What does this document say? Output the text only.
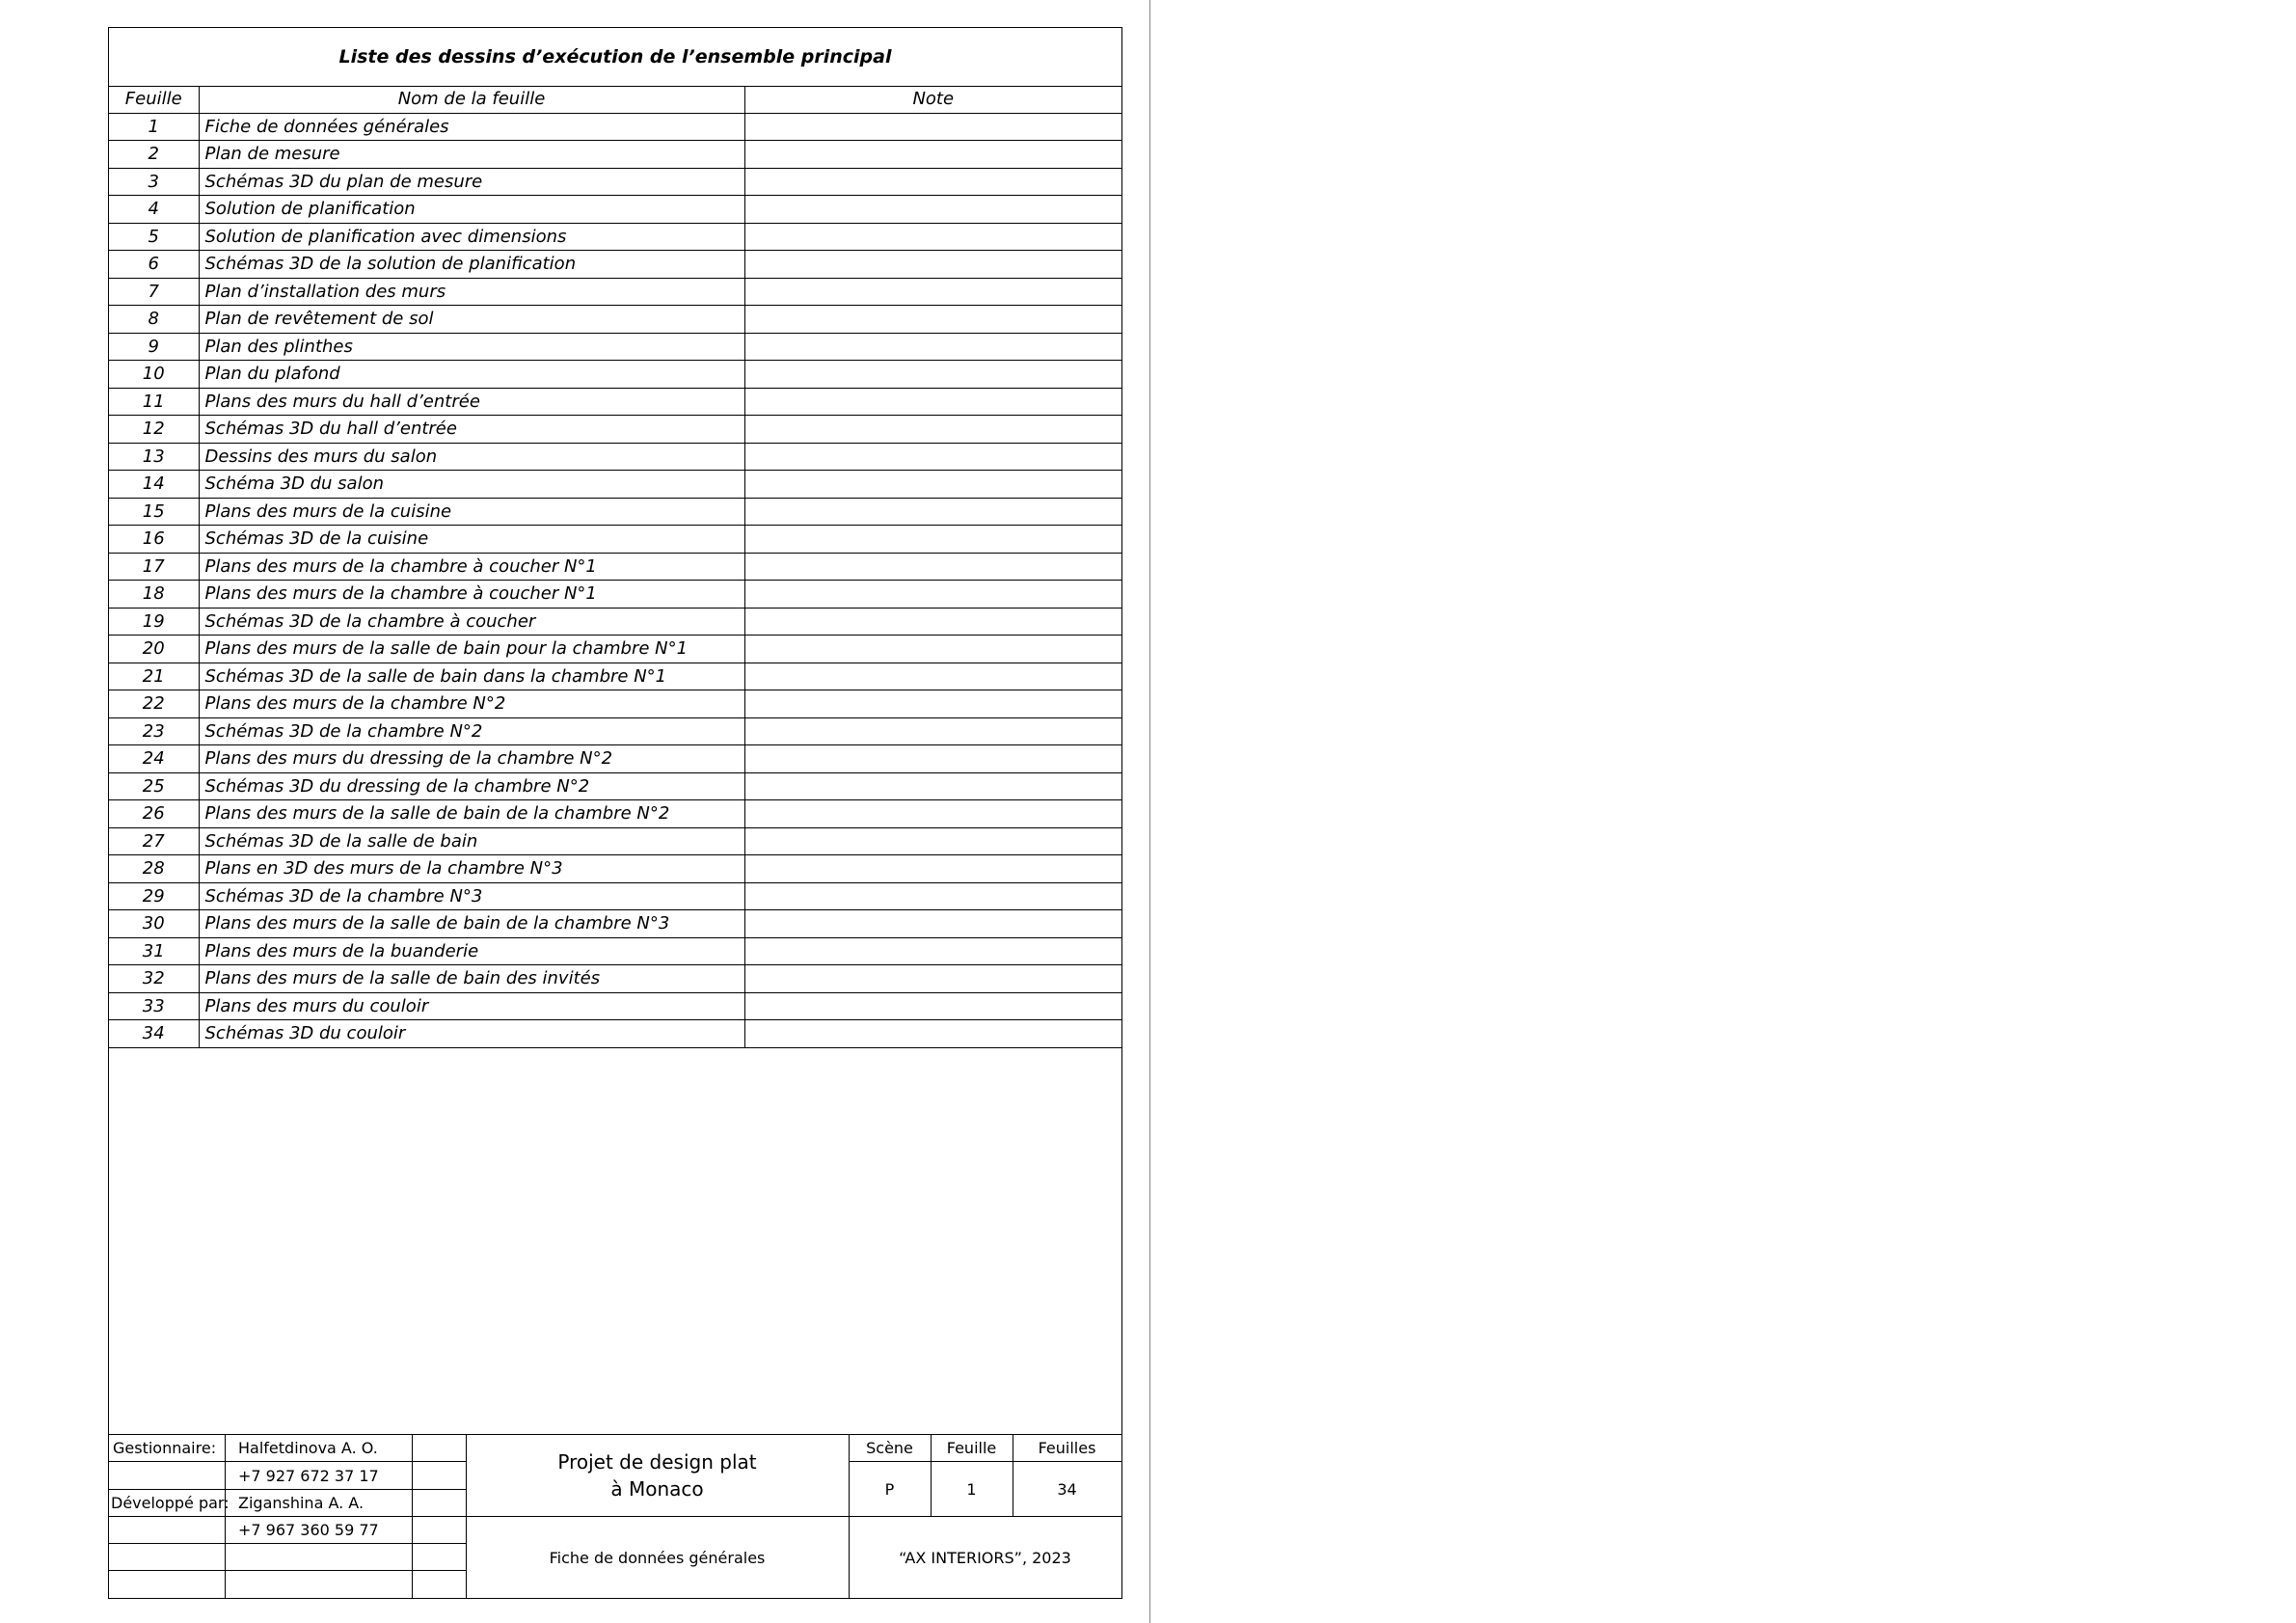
Liste des dessins d’exécution de l’ensemble principal
Feuille	Nom de la feuille	Note
1	Fiche de données générales	
2	Plan de mesure	
3	Schémas 3D du plan de mesure	
4	Solution de planification	
5	Solution de planification avec dimensions	
6	Schémas 3D de la solution de planification	
7	Plan d’installation des murs	
8	Plan de revêtement de sol	
9	Plan des plinthes	
10	Plan du plafond	
11	Plans des murs du hall d’entrée	
12	Schémas 3D du hall d’entrée	
13	Dessins des murs du salon	
14	Schéma 3D du salon	
15	Plans des murs de la cuisine	
16	Schémas 3D de la cuisine	
17	Plans des murs de la chambre à coucher N°1	
18	Plans des murs de la chambre à coucher N°1	
19	Schémas 3D de la chambre à coucher	
20	Plans des murs de la salle de bain pour la chambre N°1	
21	Schémas 3D de la salle de bain dans la chambre N°1	
22	Plans des murs de la chambre N°2	
23	Schémas 3D de la chambre N°2	
24	Plans des murs du dressing de la chambre N°2	
25	Schémas 3D du dressing de la chambre N°2	
26	Plans des murs de la salle de bain de la chambre N°2	
27	Schémas 3D de la salle de bain	
28	Plans en 3D des murs de la chambre N°3	
29	Schémas 3D de la chambre N°3	
30	Plans des murs de la salle de bain de la chambre N°3	
31	Plans des murs de la buanderie	
32	Plans des murs de la salle de bain des invités	
33	Plans des murs du couloir	
34	Schémas 3D du couloir	
Gestionnaire: Halfetdinova A. O.
+7 927 672 37 17
Développé par: Ziganshina A. A.
+7 967 360 59 77
Projet de design plat
à Monaco
Scène	Feuille	Feuilles
P	1	34
Fiche de données générales	“AX INTERIORS”, 2023
